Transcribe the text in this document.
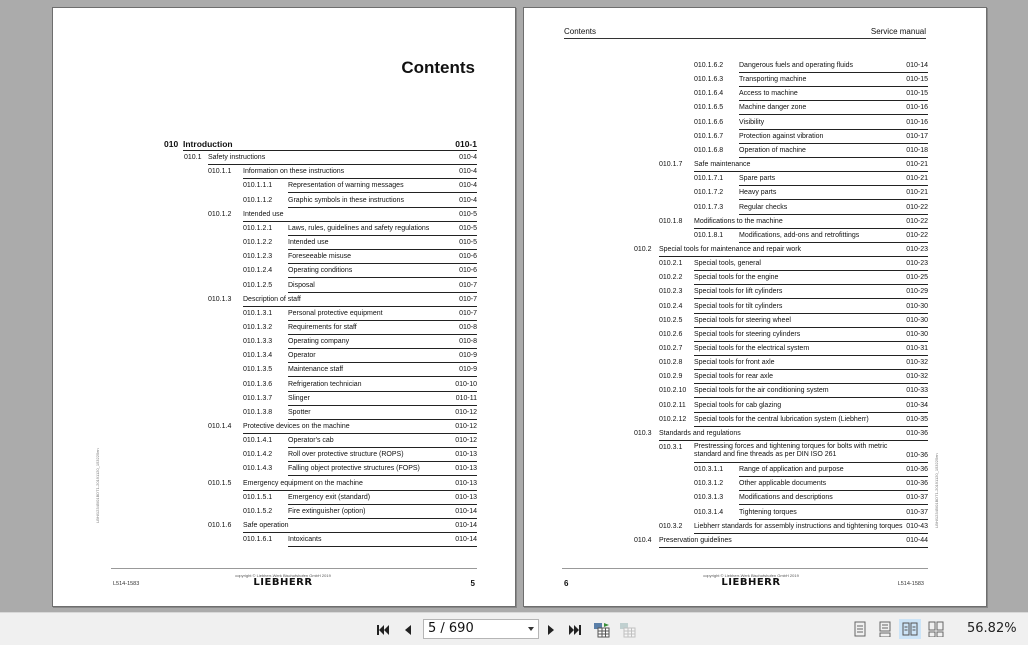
Contents
010 Introduction	010-1
010.1 Safety instructions	010-4
010.1.1 Information on these instructions	010-4
010.1.1.1 Representation of warning messages	010-4
010.1.1.2 Graphic symbols in these instructions	010-4
010.1.2 Intended use	010-5
010.1.2.1 Laws, rules, guidelines and safety regulations	010-5
010.1.2.2 Intended use	010-5
010.1.2.3 Foreseeable misuse	010-6
010.1.2.4 Operating conditions	010-6
010.1.2.5 Disposal	010-7
010.1.3 Description of staff	010-7
010.1.3.1 Personal protective equipment	010-7
010.1.3.2 Requirements for staff	010-8
010.1.3.3 Operating company	010-8
010.1.3.4 Operator	010-9
010.1.3.5 Maintenance staff	010-9
010.1.3.6 Refrigeration technician	010-10
010.1.3.7 Slinger	010-11
010.1.3.8 Spotter	010-12
010.1.4 Protective devices on the machine	010-12
010.1.4.1 Operator's cab	010-12
010.1.4.2 Roll over protective structure (ROPS)	010-13
010.1.4.3 Falling object protective structures (FOPS)	010-13
010.1.5 Emergency equipment on the machine	010-13
010.1.5.1 Emergency exit (standard)	010-13
010.1.5.2 Fire extinguisher (option)	010-14
010.1.6 Safe operation	010-14
010.1.6.1 Intoxicants	010-14
LBH/12345/01BDT1-20191120_153225en
copyright © Liebherr-Werk Bischofshofen GmbH 2019
LIEBHERR
L514-1583	5
Contents	Service manual
010.1.6.2 Dangerous fuels and operating fluids	010-14
010.1.6.3 Transporting machine	010-15
010.1.6.4 Access to machine	010-15
010.1.6.5 Machine danger zone	010-16
010.1.6.6 Visibility	010-16
010.1.6.7 Protection against vibration	010-17
010.1.6.8 Operation of machine	010-18
010.1.7 Safe maintenance	010-21
010.1.7.1 Spare parts	010-21
010.1.7.2 Heavy parts	010-21
010.1.7.3 Regular checks	010-22
010.1.8 Modifications to the machine	010-22
010.1.8.1 Modifications, add-ons and retrofittings	010-22
010.2 Special tools for maintenance and repair work	010-23
010.2.1 Special tools, general	010-23
010.2.2 Special tools for the engine	010-25
010.2.3 Special tools for lift cylinders	010-29
010.2.4 Special tools for tilt cylinders	010-30
010.2.5 Special tools for steering wheel	010-30
010.2.6 Special tools for steering cylinders	010-30
010.2.7 Special tools for the electrical system	010-31
010.2.8 Special tools for front axle	010-32
010.2.9 Special tools for rear axle	010-32
010.2.10 Special tools for the air conditioning system	010-33
010.2.11 Special tools for cab glazing	010-34
010.2.12 Special tools for the central lubrication system (Liebherr)	010-35
010.3 Standards and regulations	010-36
010.3.1 Prestressing forces and tightening torques for bolts with metric standard and fine threads as per DIN ISO 261	010-36
010.3.1.1 Range of application and purpose	010-36
010.3.1.2 Other applicable documents	010-36
010.3.1.3 Modifications and descriptions	010-37
010.3.1.4 Tightening torques	010-37
010.3.2 Liebherr standards for assembly instructions and tightening torques 010-43
010.4 Preservation guidelines	010-44
LBH/12345/01BDT1-20191120_153225en
copyright © Liebherr-Werk Bischofshofen GmbH 2019
LIEBHERR
6	L514-1583
5 / 690	56.82%
